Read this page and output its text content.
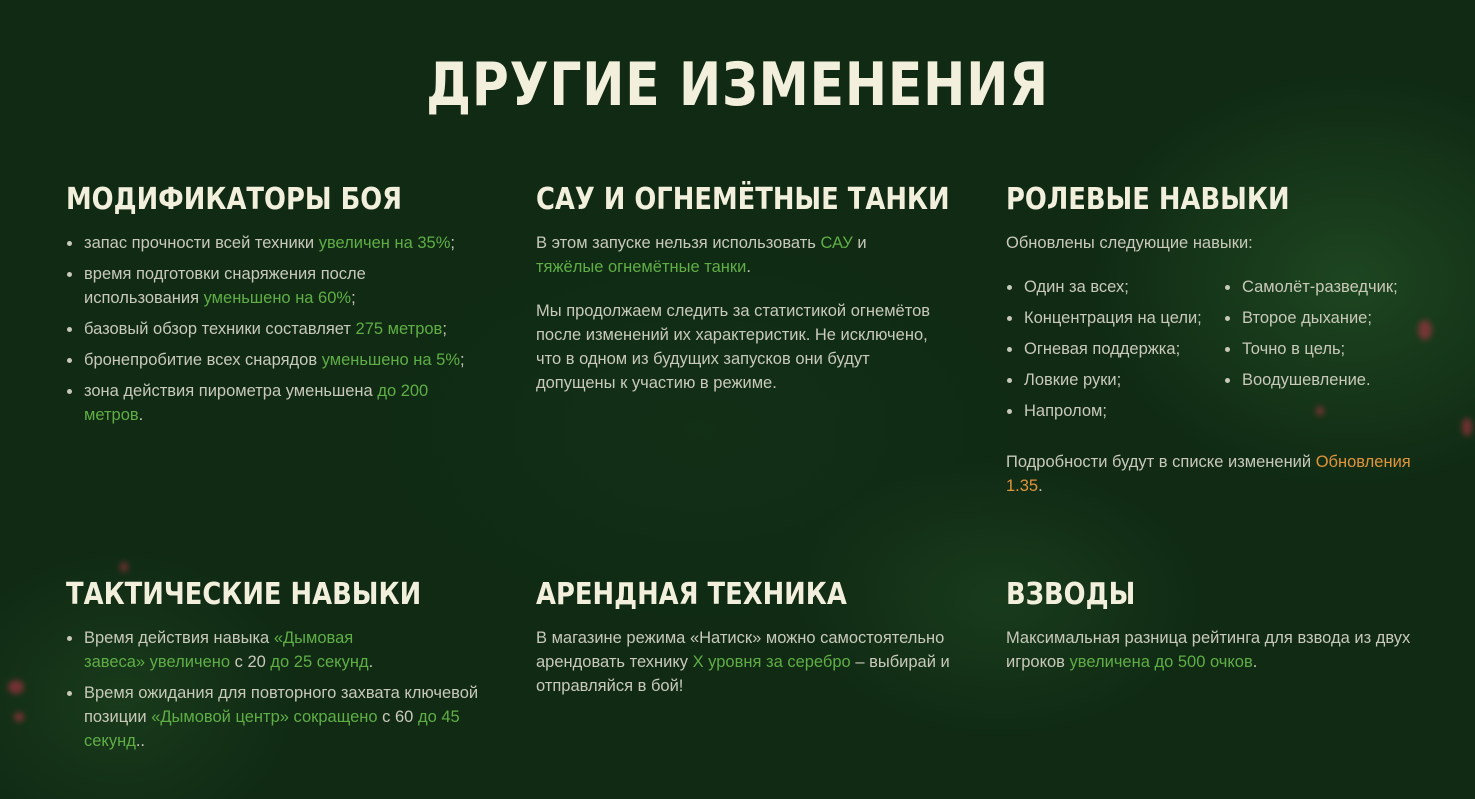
ДРУГИЕ ИЗМЕНЕНИЯ
МОДИФИКАТОРЫ БОЯ
запас прочности всей техники увеличен на 35%;
время подготовки снаряжения после использования уменьшено на 60%;
базовый обзор техники составляет 275 метров;
бронепробитие всех снарядов уменьшено на 5%;
зона действия пирометра уменьшена до 200 метров.
САУ И ОГНЕМЁТНЫЕ ТАНКИ

В этом запуске нельзя использовать САУ и тяжёлые огнемётные танки.

Мы продолжаем следить за статистикой огнемётов после изменений их характеристик. Не исключено, что в одном из будущих запусков они будут допущены к участию в режиме.

РОЛЕВЫЕ НАВЫКИ
Обновлены следующие навыки:
Один за всех;
Концентрация на цели;
Огневая поддержка;
Ловкие руки;
Напролом;
Самолёт-разведчик;
Второе дыхание;
Точно в цель;
Воодушевление.

Подробности будут в списке изменений Обновления 1.35.

ТАКТИЧЕСКИЕ НАВЫКИ
Время действия навыка «Дымовая завеса» увеличено с 20 до 25 секунд.
Время ожидания для повторного захвата ключевой позиции «Дымовой центр» сокращено с 60 до 45 секунд..
АРЕНДНАЯ ТЕХНИКА

В магазине режима «Натиск» можно самостоятельно арендовать технику X уровня за серебро – выбирай и отправляйся в бой!

ВЗВОДЫ

Максимальная разница рейтинга для взвода из двух игроков увеличена до 500 очков.
